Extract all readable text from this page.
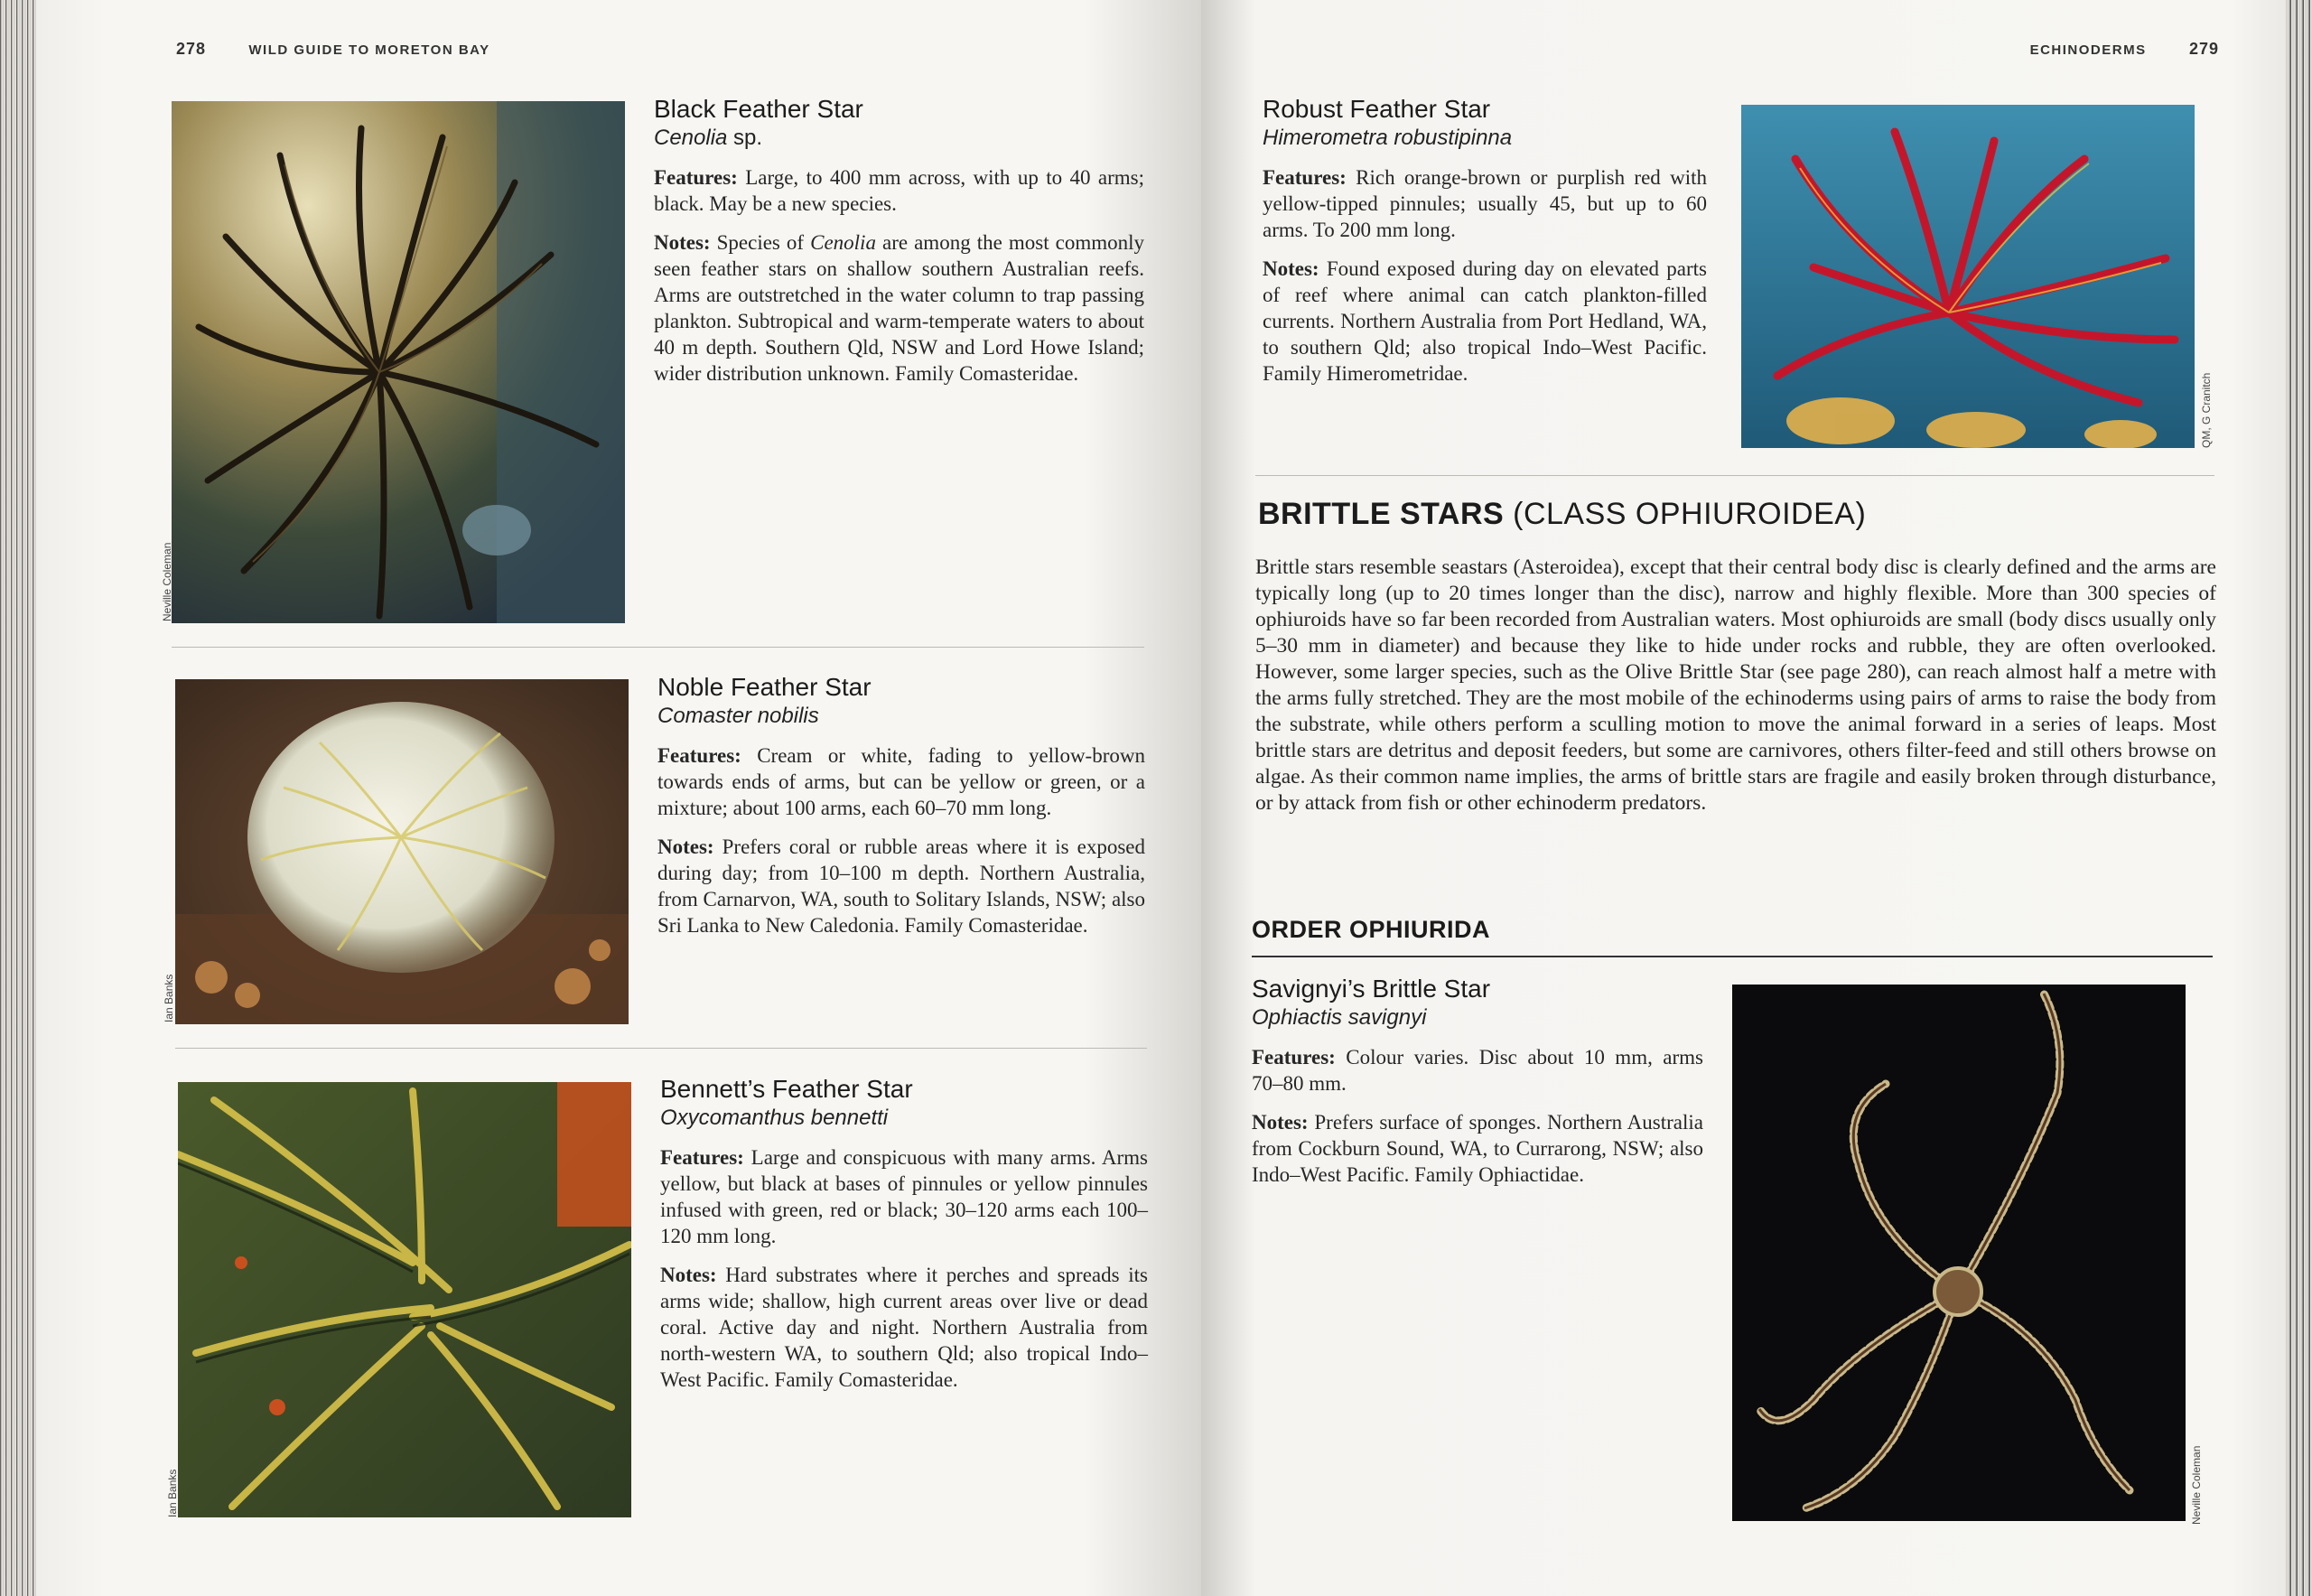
278	WILD GUIDE TO MORETON BAY
Neville Coleman

Black Feather Star

Cenolia sp.

Features: Large, to 400 mm across, with up to 40 arms; black. May be a new species.

Notes: Species of Cenolia are among the most commonly seen feather stars on shallow southern Australian reefs. Arms are outstretched in the water column to trap passing plankton. Subtropical and warm-temperate waters to about 40 m depth. Southern Qld, NSW and Lord Howe Island; wider distribution unknown. Family Comasteridae.

Ian Banks

Noble Feather Star

Comaster nobilis

Features: Cream or white, fading to yellow-brown towards ends of arms, but can be yellow or green, or a mixture; about 100 arms, each 60–70 mm long.

Notes: Prefers coral or rubble areas where it is exposed during day; from 10–100 m depth. Northern Australia, from Carnarvon, WA, south to Solitary Islands, NSW; also Sri Lanka to New Caledonia. Family Comasteridae.

Ian Banks

Bennett’s Feather Star

Oxycomanthus bennetti

Features: Large and conspicuous with many arms. Arms yellow, but black at bases of pinnules or yellow pinnules infused with green, red or black; 30–120 arms each 100–120 mm long.

Notes: Hard substrates where it perches and spreads its arms wide; shallow, high current areas over live or dead coral. Active day and night. Northern Australia from north-western WA, to southern Qld; also tropical Indo–West Pacific. Family Comasteridae.

ECHINODERMS	279

Robust Feather Star

Himerometra robustipinna

Features: Rich orange-brown or purplish red with yellow-tipped pinnules; usually 45, but up to 60 arms. To 200 mm long.

Notes: Found exposed during day on elevated parts of reef where animal can catch plankton-filled currents. Northern Australia from Port Hedland, WA, to southern Qld; also tropical Indo–West Pacific. Family Himerometridae.	QM, G Cranitch
BRITTLE STARS (CLASS OPHIUROIDEA)

Brittle stars resemble seastars (Asteroidea), except that their central body disc is clearly defined and the arms are typically long (up to 20 times longer than the disc), narrow and highly flexible. More than 300 species of ophiuroids have so far been recorded from Australian waters. Most ophiuroids are small (body discs usually only 5–30 mm in diameter) and because they like to hide under rocks and rubble, they are often overlooked. However, some larger species, such as the Olive Brittle Star (see page 280), can reach almost half a metre with the arms fully stretched. They are the most mobile of the echinoderms using pairs of arms to raise the body from the substrate, while others perform a sculling motion to move the animal forward in a series of leaps. Most brittle stars are detritus and deposit feeders, but some are carnivores, others filter-feed and still others browse on algae. As their common name implies, the arms of brittle stars are fragile and easily broken through disturbance, or by attack from fish or other echinoderm predators.

ORDER OPHIURIDA

Savignyi’s Brittle Star

Ophiactis savignyi

Features: Colour varies. Disc about 10 mm, arms 70–80 mm.

Notes: Prefers surface of sponges. Northern Australia from Cockburn Sound, WA, to Currarong, NSW; also Indo–West Pacific. Family Ophiactidae.

Neville Coleman
